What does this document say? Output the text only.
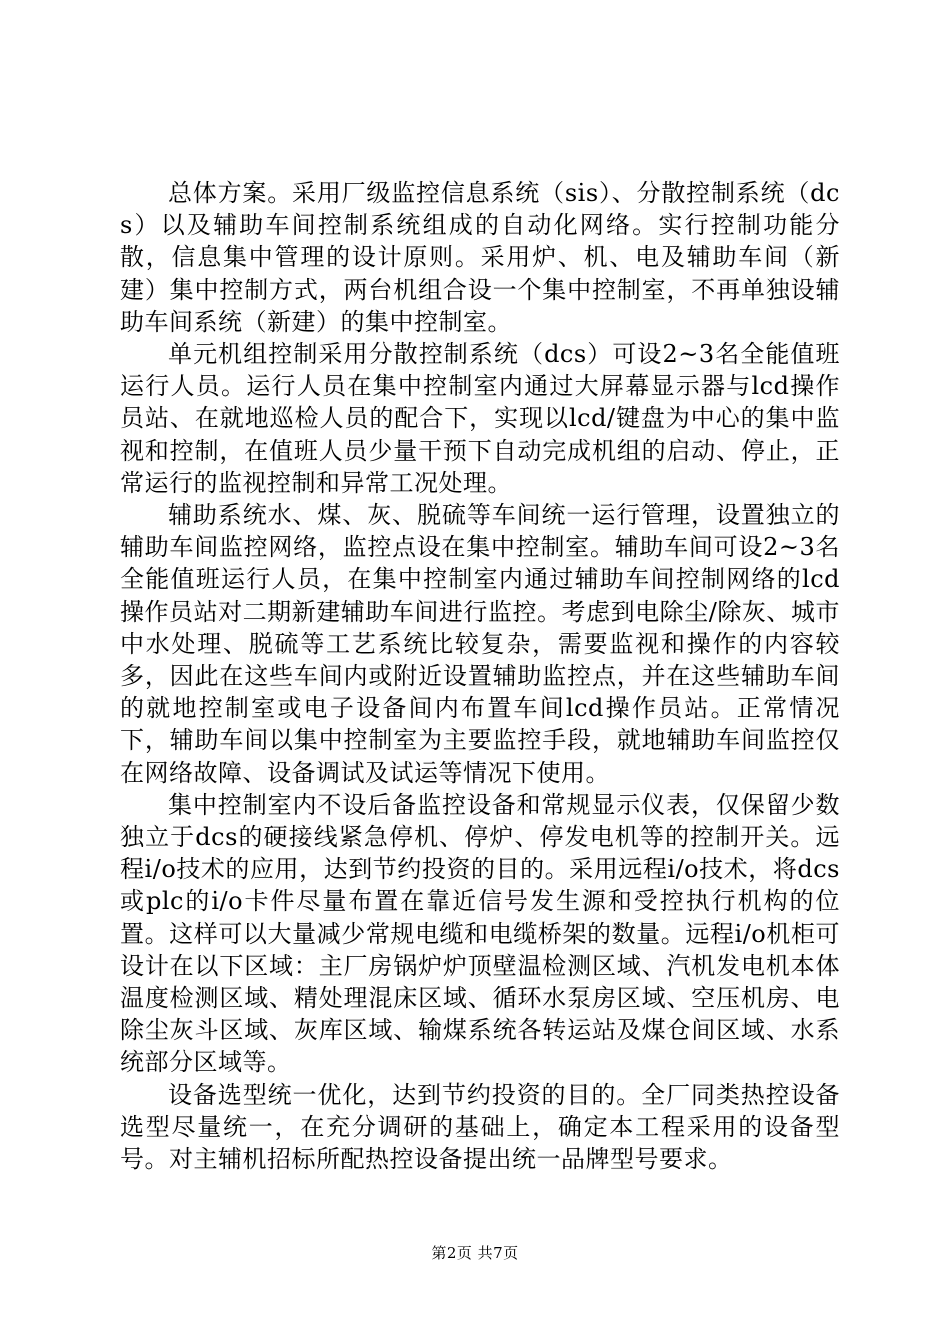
总体方案。采用厂级监控信息系统（sis）、分散控制系统（dcs）以及辅助车间控制系统组成的自动化网络。实行控制功能分散，信息集中管理的设计原则。采用炉、机、电及辅助车间（新建）集中控制方式，两台机组合设一个集中控制室，不再单独设辅助车间系统（新建）的集中控制室。

单元机组控制采用分散控制系统（dcs）可设2~3名全能值班运行人员。运行人员在集中控制室内通过大屏幕显示器与lcd操作员站、在就地巡检人员的配合下，实现以lcd/键盘为中心的集中监视和控制，在值班人员少量干预下自动完成机组的启动、停止，正常运行的监视控制和异常工况处理。

辅助系统水、煤、灰、脱硫等车间统一运行管理，设置独立的辅助车间监控网络，监控点设在集中控制室。辅助车间可设2~3名全能值班运行人员，在集中控制室内通过辅助车间控制网络的lcd操作员站对二期新建辅助车间进行监控。考虑到电除尘/除灰、城市中水处理、脱硫等工艺系统比较复杂，需要监视和操作的内容较多，因此在这些车间内或附近设置辅助监控点，并在这些辅助车间的就地控制室或电子设备间内布置车间lcd操作员站。正常情况下，辅助车间以集中控制室为主要监控手段，就地辅助车间监控仅在网络故障、设备调试及试运等情况下使用。

集中控制室内不设后备监控设备和常规显示仪表，仅保留少数独立于dcs的硬接线紧急停机、停炉、停发电机等的控制开关。远程i/o技术的应用，达到节约投资的目的。采用远程i/o技术，将dcs或plc的i/o卡件尽量布置在靠近信号发生源和受控执行机构的位置。这样可以大量减少常规电缆和电缆桥架的数量。远程i/o机柜可设计在以下区域：主厂房锅炉炉顶壁温检测区域、汽机发电机本体温度检测区域、精处理混床区域、循环水泵房区域、空压机房、电除尘灰斗区域、灰库区域、输煤系统各转运站及煤仓间区域、水系统部分区域等。

设备选型统一优化，达到节约投资的目的。全厂同类热控设备选型尽量统一，在充分调研的基础上，确定本工程采用的设备型号。对主辅机招标所配热控设备提出统一品牌型号要求。

第2页 共7页
